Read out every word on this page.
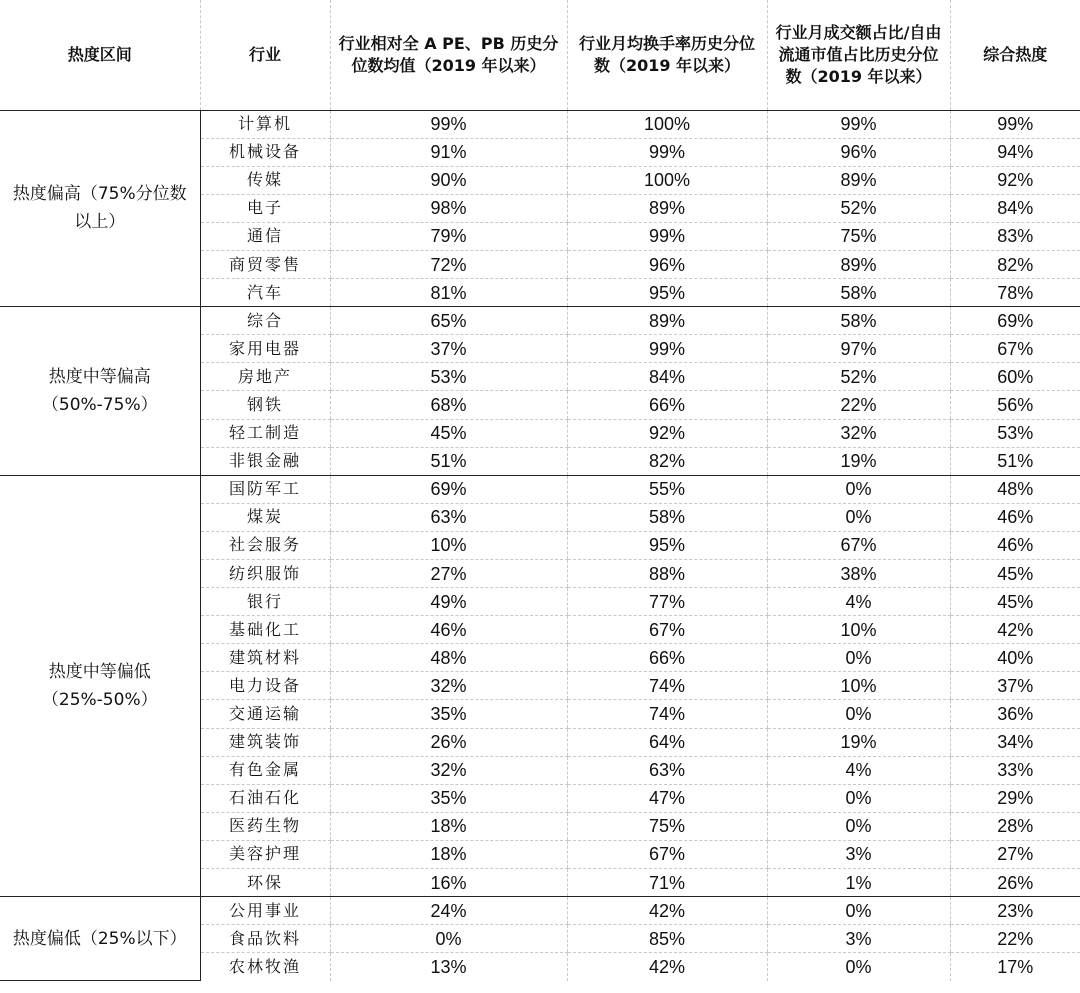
热度区间	行业	行业相对全 A PE、PB 历史分位数均值（2019 年以来）	行业月均换手率历史分位数（2019 年以来）	行业月成交额占比/自由流通市值占比历史分位数（2019 年以来）	综合热度
热度偏高（75%分位数以上）	计算机	99%	100%	99%	99%
	机械设备	91%	99%	96%	94%
	传媒	90%	100%	89%	92%
	电子	98%	89%	52%	84%
	通信	79%	99%	75%	83%
	商贸零售	72%	96%	89%	82%
	汽车	81%	95%	58%	78%
热度中等偏高（50%-75%）	综合	65%	89%	58%	69%
	家用电器	37%	99%	97%	67%
	房地产	53%	84%	52%	60%
	钢铁	68%	66%	22%	56%
	轻工制造	45%	92%	32%	53%
	非银金融	51%	82%	19%	51%
热度中等偏低（25%-50%）	国防军工	69%	55%	0%	48%
	煤炭	63%	58%	0%	46%
	社会服务	10%	95%	67%	46%
	纺织服饰	27%	88%	38%	45%
	银行	49%	77%	4%	45%
	基础化工	46%	67%	10%	42%
	建筑材料	48%	66%	0%	40%
	电力设备	32%	74%	10%	37%
	交通运输	35%	74%	0%	36%
	建筑装饰	26%	64%	19%	34%
	有色金属	32%	63%	4%	33%
	石油石化	35%	47%	0%	29%
	医药生物	18%	75%	0%	28%
	美容护理	18%	67%	3%	27%
	环保	16%	71%	1%	26%
热度偏低（25%以下）	公用事业	24%	42%	0%	23%
	食品饮料	0%	85%	3%	22%
	农林牧渔	13%	42%	0%	17%
